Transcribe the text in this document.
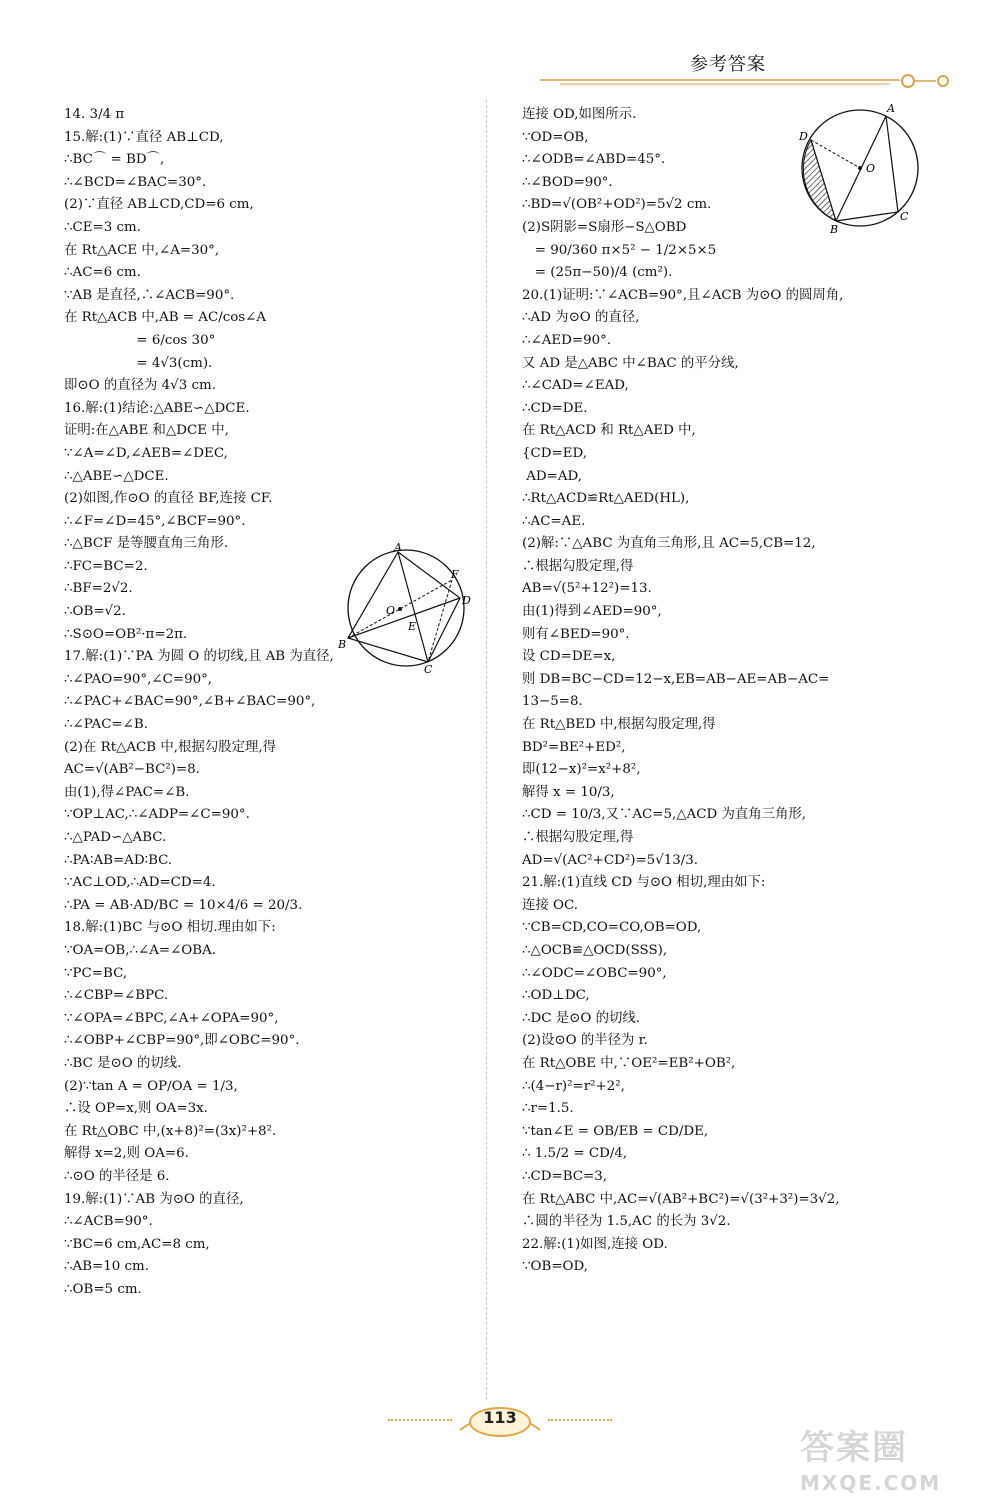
参考答案
14. 3/4 π
15.解:(1)∵直径 AB⊥CD,
∴BC⌒ = BD⌒,
∴∠BCD=∠BAC=30°.
(2)∵直径 AB⊥CD,CD=6 cm,
∴CE=3 cm.
在 Rt△ACE 中,∠A=30°,
∴AC=6 cm.
∵AB 是直径,∴∠ACB=90°.
在 Rt△ACB 中,AB = AC/cos∠A
= 6/cos 30°
= 4√3(cm).
即⊙O 的直径为 4√3 cm.
16.解:(1)结论:△ABE∽△DCE.
证明:在△ABE 和△DCE 中,
∵∠A=∠D,∠AEB=∠DEC,
∴△ABE∽△DCE.
(2)如图,作⊙O 的直径 BF,连接 CF.
∴∠F=∠D=45°,∠BCF=90°.
∴△BCF 是等腰直角三角形.
∴FC=BC=2.
∴BF=2√2.
∴OB=√2.
∴S⊙O=OB²·π=2π.
17.解:(1)∵PA 为圆 O 的切线,且 AB 为直径,
∴∠PAO=90°,∠C=90°,
∴∠PAC+∠BAC=90°,∠B+∠BAC=90°,
∴∠PAC=∠B.
(2)在 Rt△ACB 中,根据勾股定理,得
AC=√(AB²−BC²)=8.
由(1),得∠PAC=∠B.
∵OP⊥AC,∴∠ADP=∠C=90°.
∴△PAD∽△ABC.
∴PA∶AB=AD∶BC.
∵AC⊥OD,∴AD=CD=4.
∴PA = AB·AD/BC = 10×4/6 = 20/3.
18.解:(1)BC 与⊙O 相切.理由如下:
∵OA=OB,∴∠A=∠OBA.
∵PC=BC,
∴∠CBP=∠BPC.
∵∠OPA=∠BPC,∠A+∠OPA=90°,
∴∠OBP+∠CBP=90°,即∠OBC=90°.
∴BC 是⊙O 的切线.
(2)∵tan A = OP/OA = 1/3,
∴设 OP=x,则 OA=3x.
在 Rt△OBC 中,(x+8)²=(3x)²+8².
解得 x=2,则 OA=6.
∴⊙O 的半径是 6.
19.解:(1)∵AB 为⊙O 的直径,
∴∠ACB=90°.
∵BC=6 cm,AC=8 cm,
∴AB=10 cm.
∴OB=5 cm.
连接 OD,如图所示.
∵OD=OB,
∴∠ODB=∠ABD=45°.
∴∠BOD=90°.
∴BD=√(OB²+OD²)=5√2 cm.
(2)S阴影=S扇形−S△OBD
= 90/360 π×5² − 1/2×5×5
= (25π−50)/4 (cm²).
20.(1)证明:∵∠ACB=90°,且∠ACB 为⊙O 的圆周角,
∴AD 为⊙O 的直径,
∴∠AED=90°.
又 AD 是△ABC 中∠BAC 的平分线,
∴∠CAD=∠EAD,
∴CD=DE.
在 Rt△ACD 和 Rt△AED 中,
{CD=ED,
AD=AD,
∴Rt△ACD≌Rt△AED(HL),
∴AC=AE.
(2)解:∵△ABC 为直角三角形,且 AC=5,CB=12,
∴根据勾股定理,得
AB=√(5²+12²)=13.
由(1)得到∠AED=90°,
则有∠BED=90°.
设 CD=DE=x,
则 DB=BC−CD=12−x,EB=AB−AE=AB−AC=
13−5=8.
在 Rt△BED 中,根据勾股定理,得
BD²=BE²+ED²,
即(12−x)²=x²+8²,
解得 x = 10/3,
∴CD = 10/3,又∵AC=5,△ACD 为直角三角形,
∴根据勾股定理,得
AD=√(AC²+CD²)=5√13/3.
21.解:(1)直线 CD 与⊙O 相切,理由如下:
连接 OC.
∵CB=CD,CO=CO,OB=OD,
∴△OCB≌△OCD(SSS),
∴∠ODC=∠OBC=90°,
∴OD⊥DC,
∴DC 是⊙O 的切线.
(2)设⊙O 的半径为 r.
在 Rt△OBE 中,∵OE²=EB²+OB²,
∴(4−r)²=r²+2²,
∴r=1.5.
∵tan∠E = OB/EB = CD/DE,
∴ 1.5/2 = CD/4,
∴CD=BC=3,
在 Rt△ABC 中,AC=√(AB²+BC²)=√(3²+3²)=3√2,
∴圆的半径为 1.5,AC 的长为 3√2.
22.解:(1)如图,连接 OD.
∵OB=OD,
A
B
C
D
E
F
O
A
B
C
D
O
113
答案圈
MXQE.COM
